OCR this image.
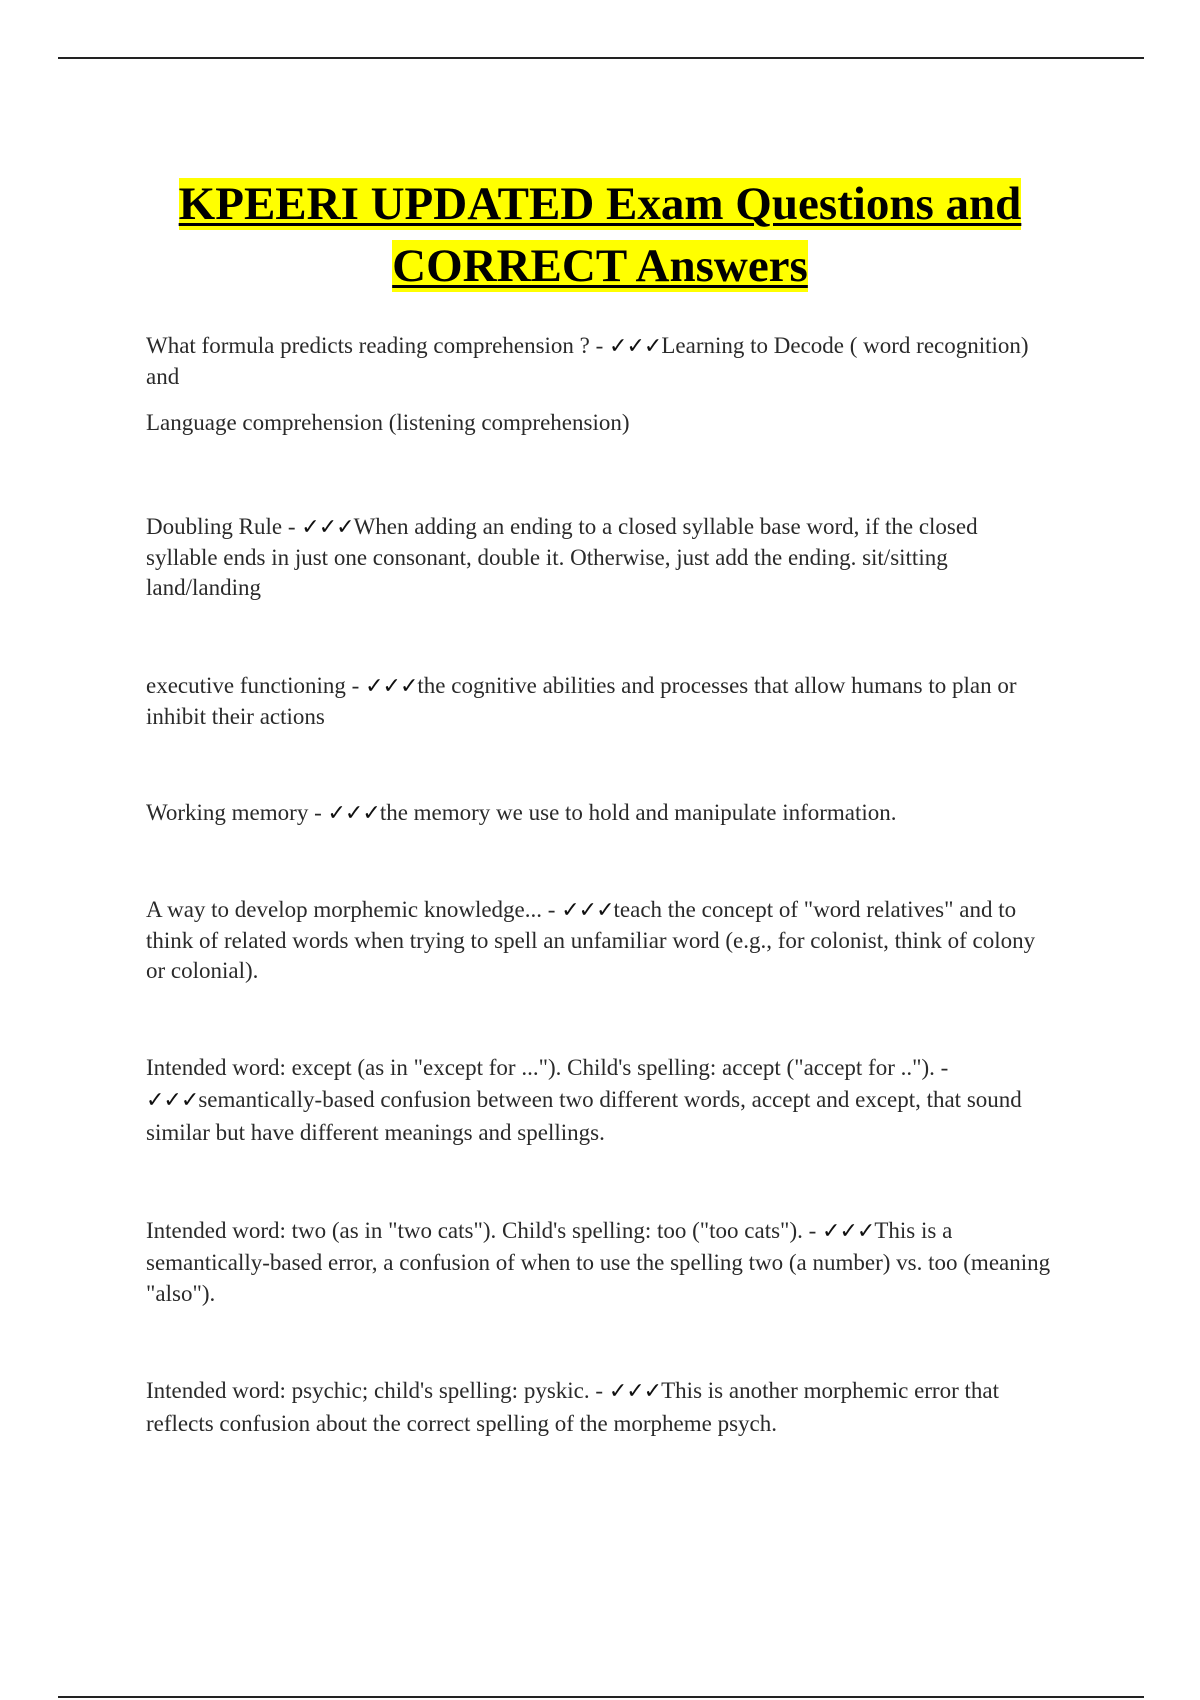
KPEERI UPDATED Exam Questions and
CORRECT Answers

What formula predicts reading comprehension ? - ✓✓✓Learning to Decode ( word recognition) and

Language comprehension (listening comprehension)

Doubling Rule - ✓✓✓When adding an ending to a closed syllable base word, if the closed syllable ends in just one consonant, double it. Otherwise, just add the ending. sit/sitting land/landing

executive functioning - ✓✓✓the cognitive abilities and processes that allow humans to plan or inhibit their actions

Working memory - ✓✓✓the memory we use to hold and manipulate information.

A way to develop morphemic knowledge... - ✓✓✓teach the concept of "word relatives" and to think of related words when trying to spell an unfamiliar word (e.g., for colonist, think of colony or colonial).

Intended word: except (as in "except for ..."). Child's spelling: accept ("accept for .."). - ✓✓✓semantically-based confusion between two different words, accept and except, that sound similar but have different meanings and spellings.

Intended word: two (as in "two cats"). Child's spelling: too ("too cats"). - ✓✓✓This is a semantically-based error, a confusion of when to use the spelling two (a number) vs. too (meaning "also").

Intended word: psychic; child's spelling: pyskic. - ✓✓✓This is another morphemic error that reflects confusion about the correct spelling of the morpheme psych.
